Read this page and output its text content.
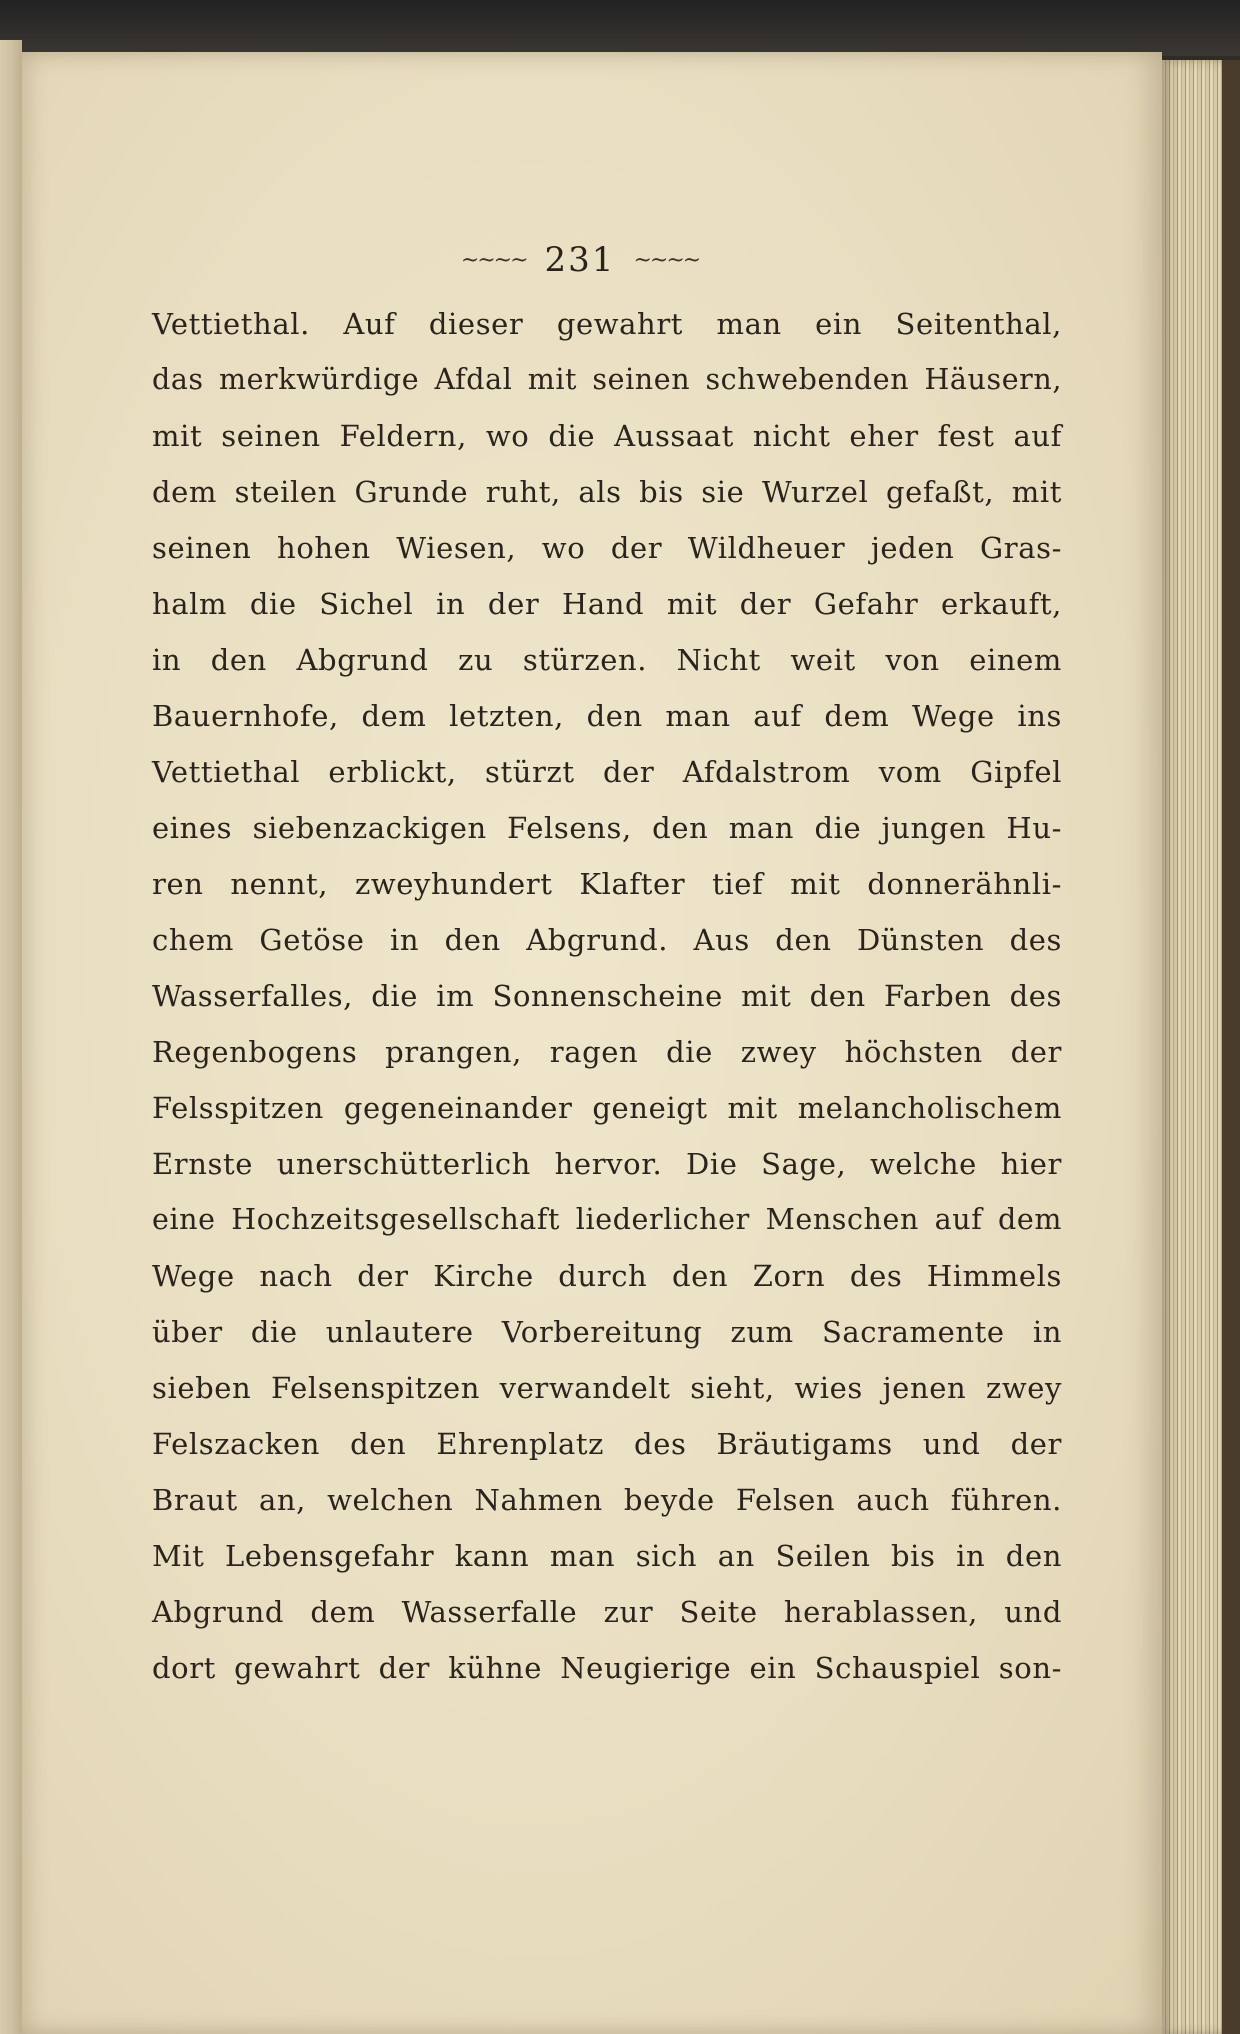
~~~~ 231 ~~~~
Vettiethal. Auf dieser gewahrt man ein Seitenthal,
das merkwürdige Afdal mit seinen schwebenden Häusern,
mit seinen Feldern, wo die Aussaat nicht eher fest auf
dem steilen Grunde ruht, als bis sie Wurzel gefaßt, mit
seinen hohen Wiesen, wo der Wildheuer jeden Gras-
halm die Sichel in der Hand mit der Gefahr erkauft,
in den Abgrund zu stürzen. Nicht weit von einem
Bauernhofe, dem letzten, den man auf dem Wege ins
Vettiethal erblickt, stürzt der Afdalstrom vom Gipfel
eines siebenzackigen Felsens, den man die jungen Hu-
ren nennt, zweyhundert Klafter tief mit donnerähnli-
chem Getöse in den Abgrund. Aus den Dünsten des
Wasserfalles, die im Sonnenscheine mit den Farben des
Regenbogens prangen, ragen die zwey höchsten der
Felsspitzen gegeneinander geneigt mit melancholischem
Ernste unerschütterlich hervor. Die Sage, welche hier
eine Hochzeitsgesellschaft liederlicher Menschen auf dem
Wege nach der Kirche durch den Zorn des Himmels
über die unlautere Vorbereitung zum Sacramente in
sieben Felsenspitzen verwandelt sieht, wies jenen zwey
Felszacken den Ehrenplatz des Bräutigams und der
Braut an, welchen Nahmen beyde Felsen auch führen.
Mit Lebensgefahr kann man sich an Seilen bis in den
Abgrund dem Wasserfalle zur Seite herablassen, und
dort gewahrt der kühne Neugierige ein Schauspiel son-
